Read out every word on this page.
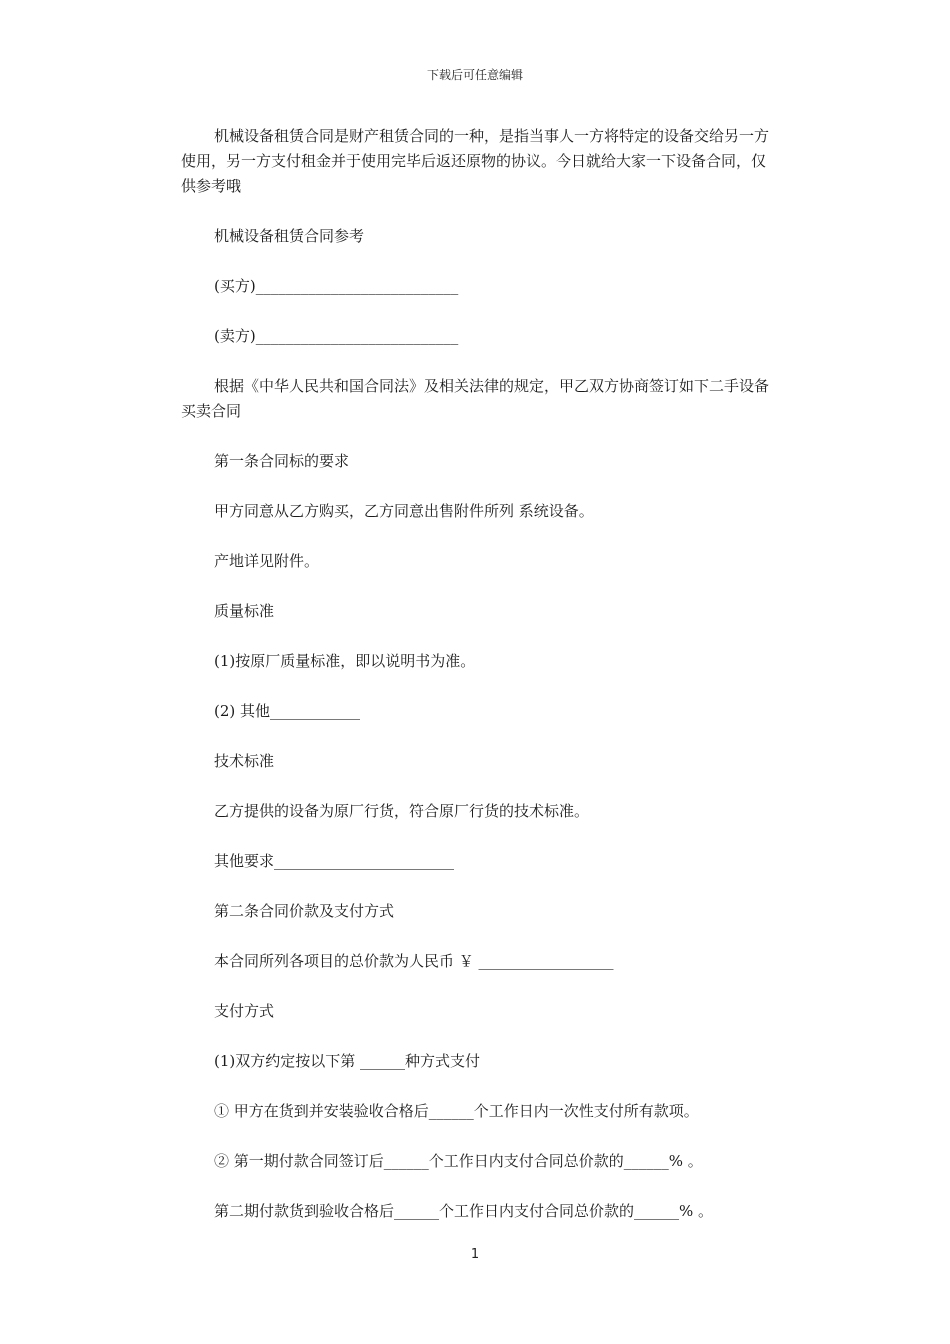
下载后可任意编辑

机械设备租赁合同是财产租赁合同的一种，是指当事人一方将特定的设备交给另一方使用，另一方支付租金并于使用完毕后返还原物的协议。今日就给大家一下设备合同，仅供参考哦

机械设备租赁合同参考

(买方)___________________________

(卖方)___________________________

根据《中华人民共和国合同法》及相关法律的规定，甲乙双方协商签订如下二手设备买卖合同

第一条合同标的要求

甲方同意从乙方购买，乙方同意出售附件所列 系统设备。

产地详见附件。

质量标准

(1)按原厂质量标准，即以说明书为准。

(2) 其他____________

技术标准

乙方提供的设备为原厂行货，符合原厂行货的技术标准。

其他要求________________________

第二条合同价款及支付方式

本合同所列各项目的总价款为人民币 ￥ __________________

支付方式

(1)双方约定按以下第 ______种方式支付

① 甲方在货到并安装验收合格后______个工作日内一次性支付所有款项。

② 第一期付款合同签订后______个工作日内支付合同总价款的______% 。

第二期付款货到验收合格后______个工作日内支付合同总价款的______% 。

1
